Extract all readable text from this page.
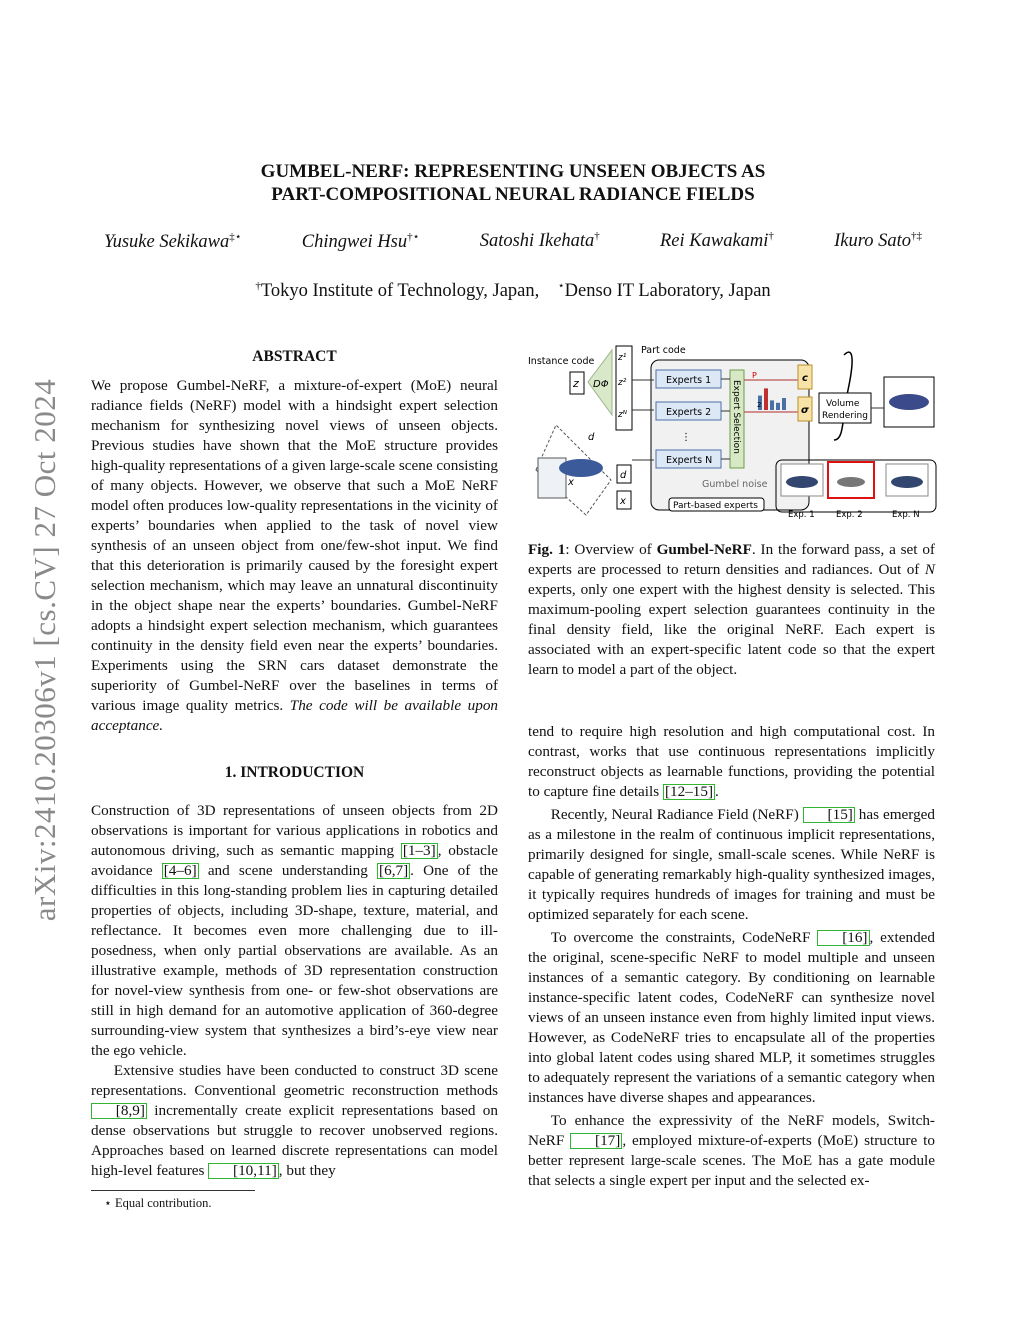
arXiv:2410.20306v1 [cs.CV] 27 Oct 2024
GUMBEL-NERF: REPRESENTING UNSEEN OBJECTS AS
PART-COMPOSITIONAL NEURAL RADIANCE FIELDS
Yusuke Sekikawa‡⋆	Chingwei Hsu†⋆	Satoshi Ikehata†	Rei Kawakami†	Ikuro Sato†‡
†Tokyo Institute of Technology, Japan, ⋆Denso IT Laboratory, Japan
ABSTRACT

We propose Gumbel-NeRF, a mixture-of-expert (MoE) neural radiance fields (NeRF) model with a hindsight expert selection mechanism for synthesizing novel views of unseen objects. Previous studies have shown that the MoE structure provides high-quality representations of a given large-scale scene consisting of many objects. However, we observe that such a MoE NeRF model often produces low-quality representations in the vicinity of experts’ boundaries when applied to the task of novel view synthesis of an unseen object from one/few-shot input. We find that this deterioration is primarily caused by the foresight expert selection mechanism, which may leave an unnatural discontinuity in the object shape near the experts’ boundaries. Gumbel-NeRF adopts a hindsight expert selection mechanism, which guarantees continuity in the density field even near the experts’ boundaries. Experiments using the SRN cars dataset demonstrate the superiority of Gumbel-NeRF over the baselines in terms of various image quality metrics. The code will be available upon acceptance.

1. INTRODUCTION

Construction of 3D representations of unseen objects from 2D observations is important for various applications in robotics and autonomous driving, such as semantic mapping [1–3] , obstacle avoidance [4–6] and scene understanding [6,7] . One of the difficulties in this long-standing problem lies in capturing detailed properties of objects, including 3D-shape, texture, material, and reflectance. It becomes even more challenging due to ill-posedness, when only partial observations are available. As an illustrative example, methods of 3D representation construction for novel-view synthesis from one- or few-shot observations are still in high demand for an automotive application of 360-degree surrounding-view system that synthesizes a bird’s-eye view near the ego vehicle.

Extensive studies have been conducted to construct 3D scene representations. Conventional geometric reconstruction methods [8,9] incrementally create explicit representations based on dense observations but struggle to recover unobserved regions. Approaches based on learned discrete representations can model high-level features [10,11] , but they

⋆ Equal contribution.
Instance code
z DΦ
Part code
z¹
z²
zᴺ
d
x
d
x
Experts 1
Experts 2
⋮
Experts N
Expert Selection
Gumbel noise
Part-based experts
P
2
c
σ
Volume
Rendering
Exp. 1	Exp. 2	Exp. N

Fig. 1: Overview of Gumbel-NeRF. In the forward pass, a set of experts are processed to return densities and radiances. Out of N experts, only one expert with the highest density is selected. This maximum-pooling expert selection guarantees continuity in the final density field, like the original NeRF. Each expert is associated with an expert-specific latent code so that the expert learn to model a part of the object.

tend to require high resolution and high computational cost. In contrast, works that use continuous representations implicitly reconstruct objects as learnable functions, providing the potential to capture fine details [12–15] .

Recently, Neural Radiance Field (NeRF) [15] has emerged as a milestone in the realm of continuous implicit representations, primarily designed for single, small-scale scenes. While NeRF is capable of generating remarkably high-quality synthesized images, it typically requires hundreds of images for training and must be optimized separately for each scene.

To overcome the constraints, CodeNeRF [16] , extended the original, scene-specific NeRF to model multiple and unseen instances of a semantic category. By conditioning on learnable instance-specific latent codes, CodeNeRF can synthesize novel views of an unseen instance even from highly limited input views. However, as CodeNeRF tries to encapsulate all of the properties into global latent codes using shared MLP, it sometimes struggles to adequately represent the variations of a semantic category when instances have diverse shapes and appearances.

To enhance the expressivity of the NeRF models, Switch-NeRF [17] , employed mixture-of-experts (MoE) structure to better represent large-scale scenes. The MoE has a gate module that selects a single expert per input and the selected ex-
